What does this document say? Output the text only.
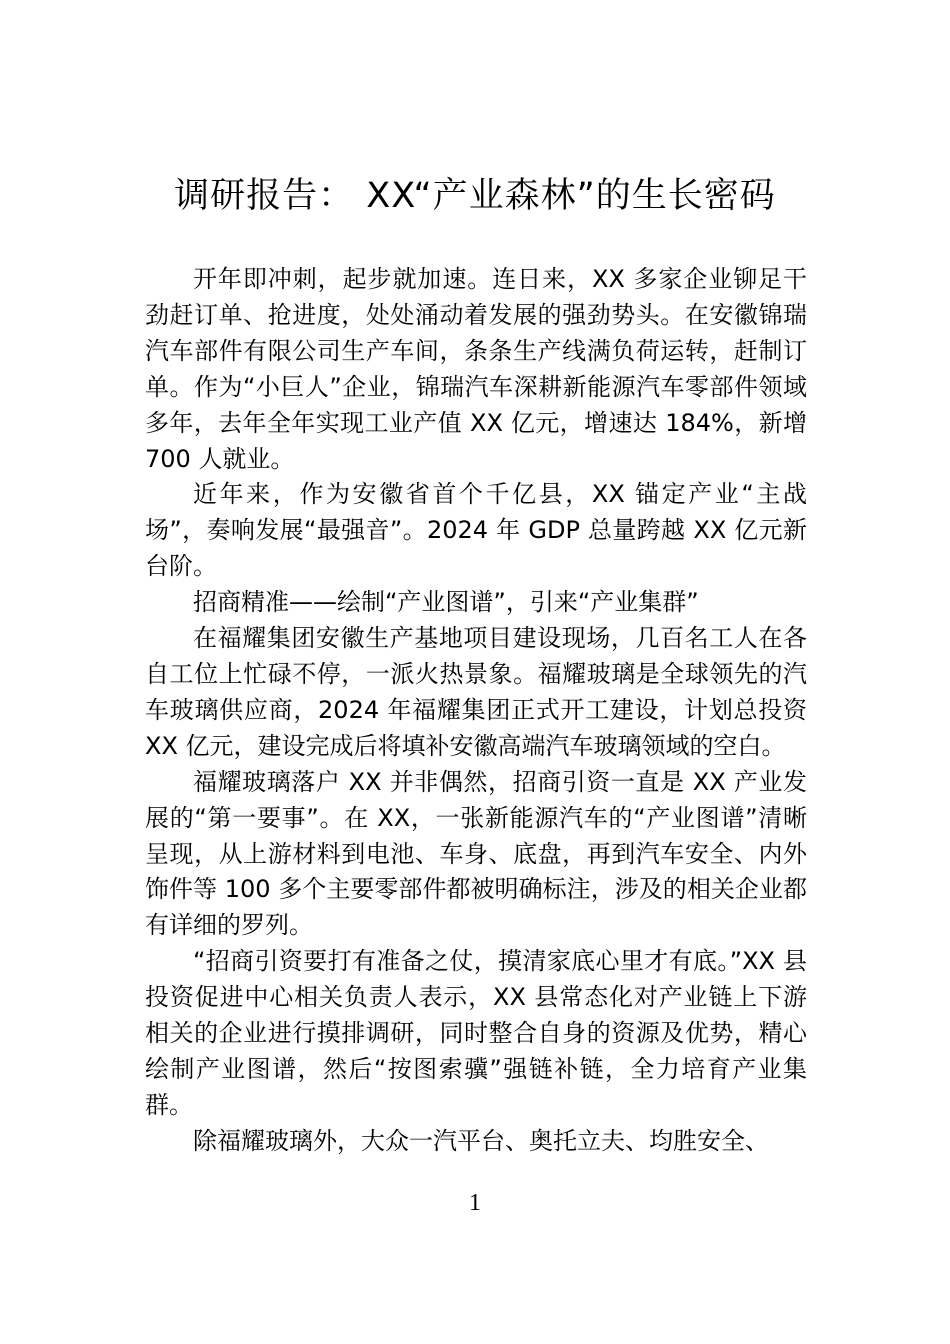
调研报告： XX“产业森林”的生长密码

开年即冲刺，起步就加速。连日来，XX 多家企业铆足干劲赶订单、抢进度，处处涌动着发展的强劲势头。在安徽锦瑞汽车部件有限公司生产车间，条条生产线满负荷运转，赶制订单。作为“小巨人”企业，锦瑞汽车深耕新能源汽车零部件领域多年，去年全年实现工业产值 XX 亿元，增速达 184%，新增 700 人就业。

近年来，作为安徽省首个千亿县，XX 锚定产业“主战场”，奏响发展“最强音”。2024 年 GDP 总量跨越 XX 亿元新台阶。

招商精准——绘制“产业图谱”，引来“产业集群”

在福耀集团安徽生产基地项目建设现场，几百名工人在各自工位上忙碌不停，一派火热景象。福耀玻璃是全球领先的汽车玻璃供应商，2024 年福耀集团正式开工建设，计划总投资 XX 亿元，建设完成后将填补安徽高端汽车玻璃领域的空白。

福耀玻璃落户 XX 并非偶然，招商引资一直是 XX 产业发展的“第一要事”。在 XX，一张新能源汽车的“产业图谱”清晰呈现，从上游材料到电池、车身、底盘，再到汽车安全、内外饰件等 100 多个主要零部件都被明确标注，涉及的相关企业都有详细的罗列。

“招商引资要打有准备之仗，摸清家底心里才有底。”XX 县投资促进中心相关负责人表示，XX 县常态化对产业链上下游相关的企业进行摸排调研，同时整合自身的资源及优势，精心绘制产业图谱，然后“按图索骥”强链补链，全力培育产业集群。

除福耀玻璃外，大众一汽平台、奥托立夫、均胜安全、

1
